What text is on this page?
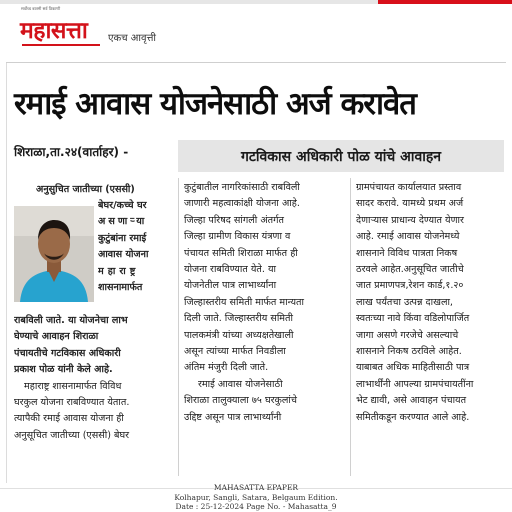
सर्वोच्च बातमी सर्व ठिकाणी
महासत्ता एकच आवृत्ती
रमाई आवास योजनेसाठी अर्ज करावेत
शिराळा,ता.२४(वार्ताहर) -	गटविकास अधिकारी पोळ यांचे आवाहन
अनुसुचित जातीच्या (एससी)
बेघर/कच्चे घर
असणाऱ्या
कुटुंबांना रमाई
आवास योजना
महाराष्ट्र
शासनामार्फत
राबविली जाते. या योजनेचा लाभ
घेण्याचे आवाहन शिराळा
पंचायतीचे गटविकास अधिकारी
प्रकाश पोळ यांनी केले आहे.
महाराष्ट्र शासनामार्फत विविध
घरकुल योजना राबविण्यात येतात.
त्यापैकी रमाई आवास योजना ही
अनुसूचित जातीच्या (एससी) बेघर
कुटुंबातील नागरिकांसाठी राबविली
जाणारी महत्वाकांक्षी योजना आहे.
जिल्हा परिषद सांगली अंतर्गत
जिल्हा ग्रामीण विकास यंत्रणा व
पंचायत समिती शिराळा मार्फत ही
योजना राबविण्यात येते. या
योजनेतील पात्र लाभार्थ्यांना
जिल्हास्तरीय समिती मार्फत मान्यता
दिली जाते. जिल्हास्तरीय समिती
पालकमंत्री यांच्या अध्यक्षतेखाली
असून त्यांच्या मार्फत निवडीला
अंतिम मंजुरी दिली जाते.
रमाई आवास योजनेसाठी
शिराळा तालुक्याला ७५ घरकुलांचे
उद्दिष्ट असून पात्र लाभार्थ्यांनी
ग्रामपंचायत कार्यालयात प्रस्ताव
सादर करावे. यामध्ये प्रथम अर्ज
देणाऱ्यास प्राधान्य देण्यात येणार
आहे. रमाई आवास योजनेमध्ये
शासनाने विविध पात्रता निकष
ठरवले आहेत.अनुसूचित जातीचे
जात प्रमाणपत्र,रेशन कार्ड,१.२०
लाख पर्यंतचा उत्पन्न दाखला,
स्वतःच्या नावे किंवा वडिलोपार्जित
जागा असणे गरजेचे असल्याचे
शासनाने निकष ठरविले आहेत.
याबाबत अधिक माहितीसाठी पात्र
लाभार्थींनी आपल्या ग्रामपंचायतींना
भेट द्यावी, असे आवाहन पंचायत
समितीकडून करण्यात आले आहे.
MAHASATTA EPAPER
Kolhapur, Sangli, Satara, Belgaum Edition.
Date : 25-12-2024 Page No. - Mahasatta_9
